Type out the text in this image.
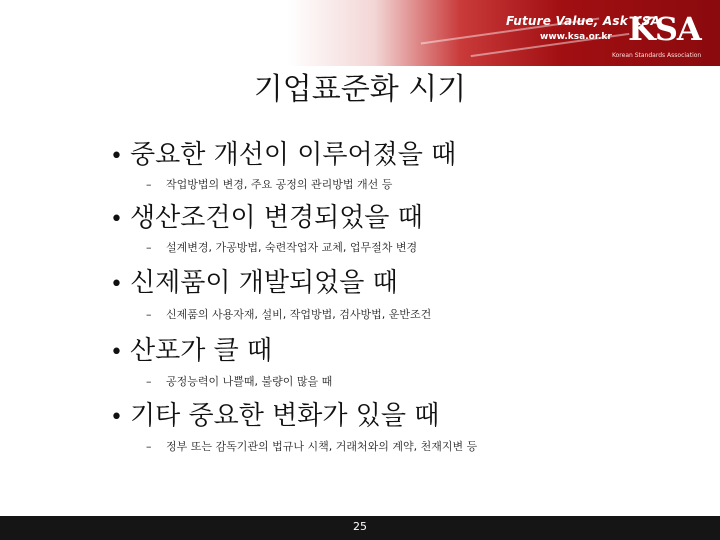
Future Value, Ask KSA
www.ksa.or.kr KSA
Korean Standards Association
기업표준화 시기
• 중요한 개선이 이루어졌을 때
– 작업방법의 변경, 주요 공정의 관리방법 개선 등
• 생산조건이 변경되었을 때
– 설계변경, 가공방법, 숙련작업자 교체, 업무절차 변경
• 신제품이 개발되었을 때
– 신제품의 사용자재, 설비, 작업방법, 검사방법, 운반조건
• 산포가 클 때
– 공정능력이 나쁠때, 불량이 많을 때
• 기타 중요한 변화가 있을 때
– 정부 또는 감독기관의 법규나 시책, 거래처와의 계약, 천재지변 등
25
